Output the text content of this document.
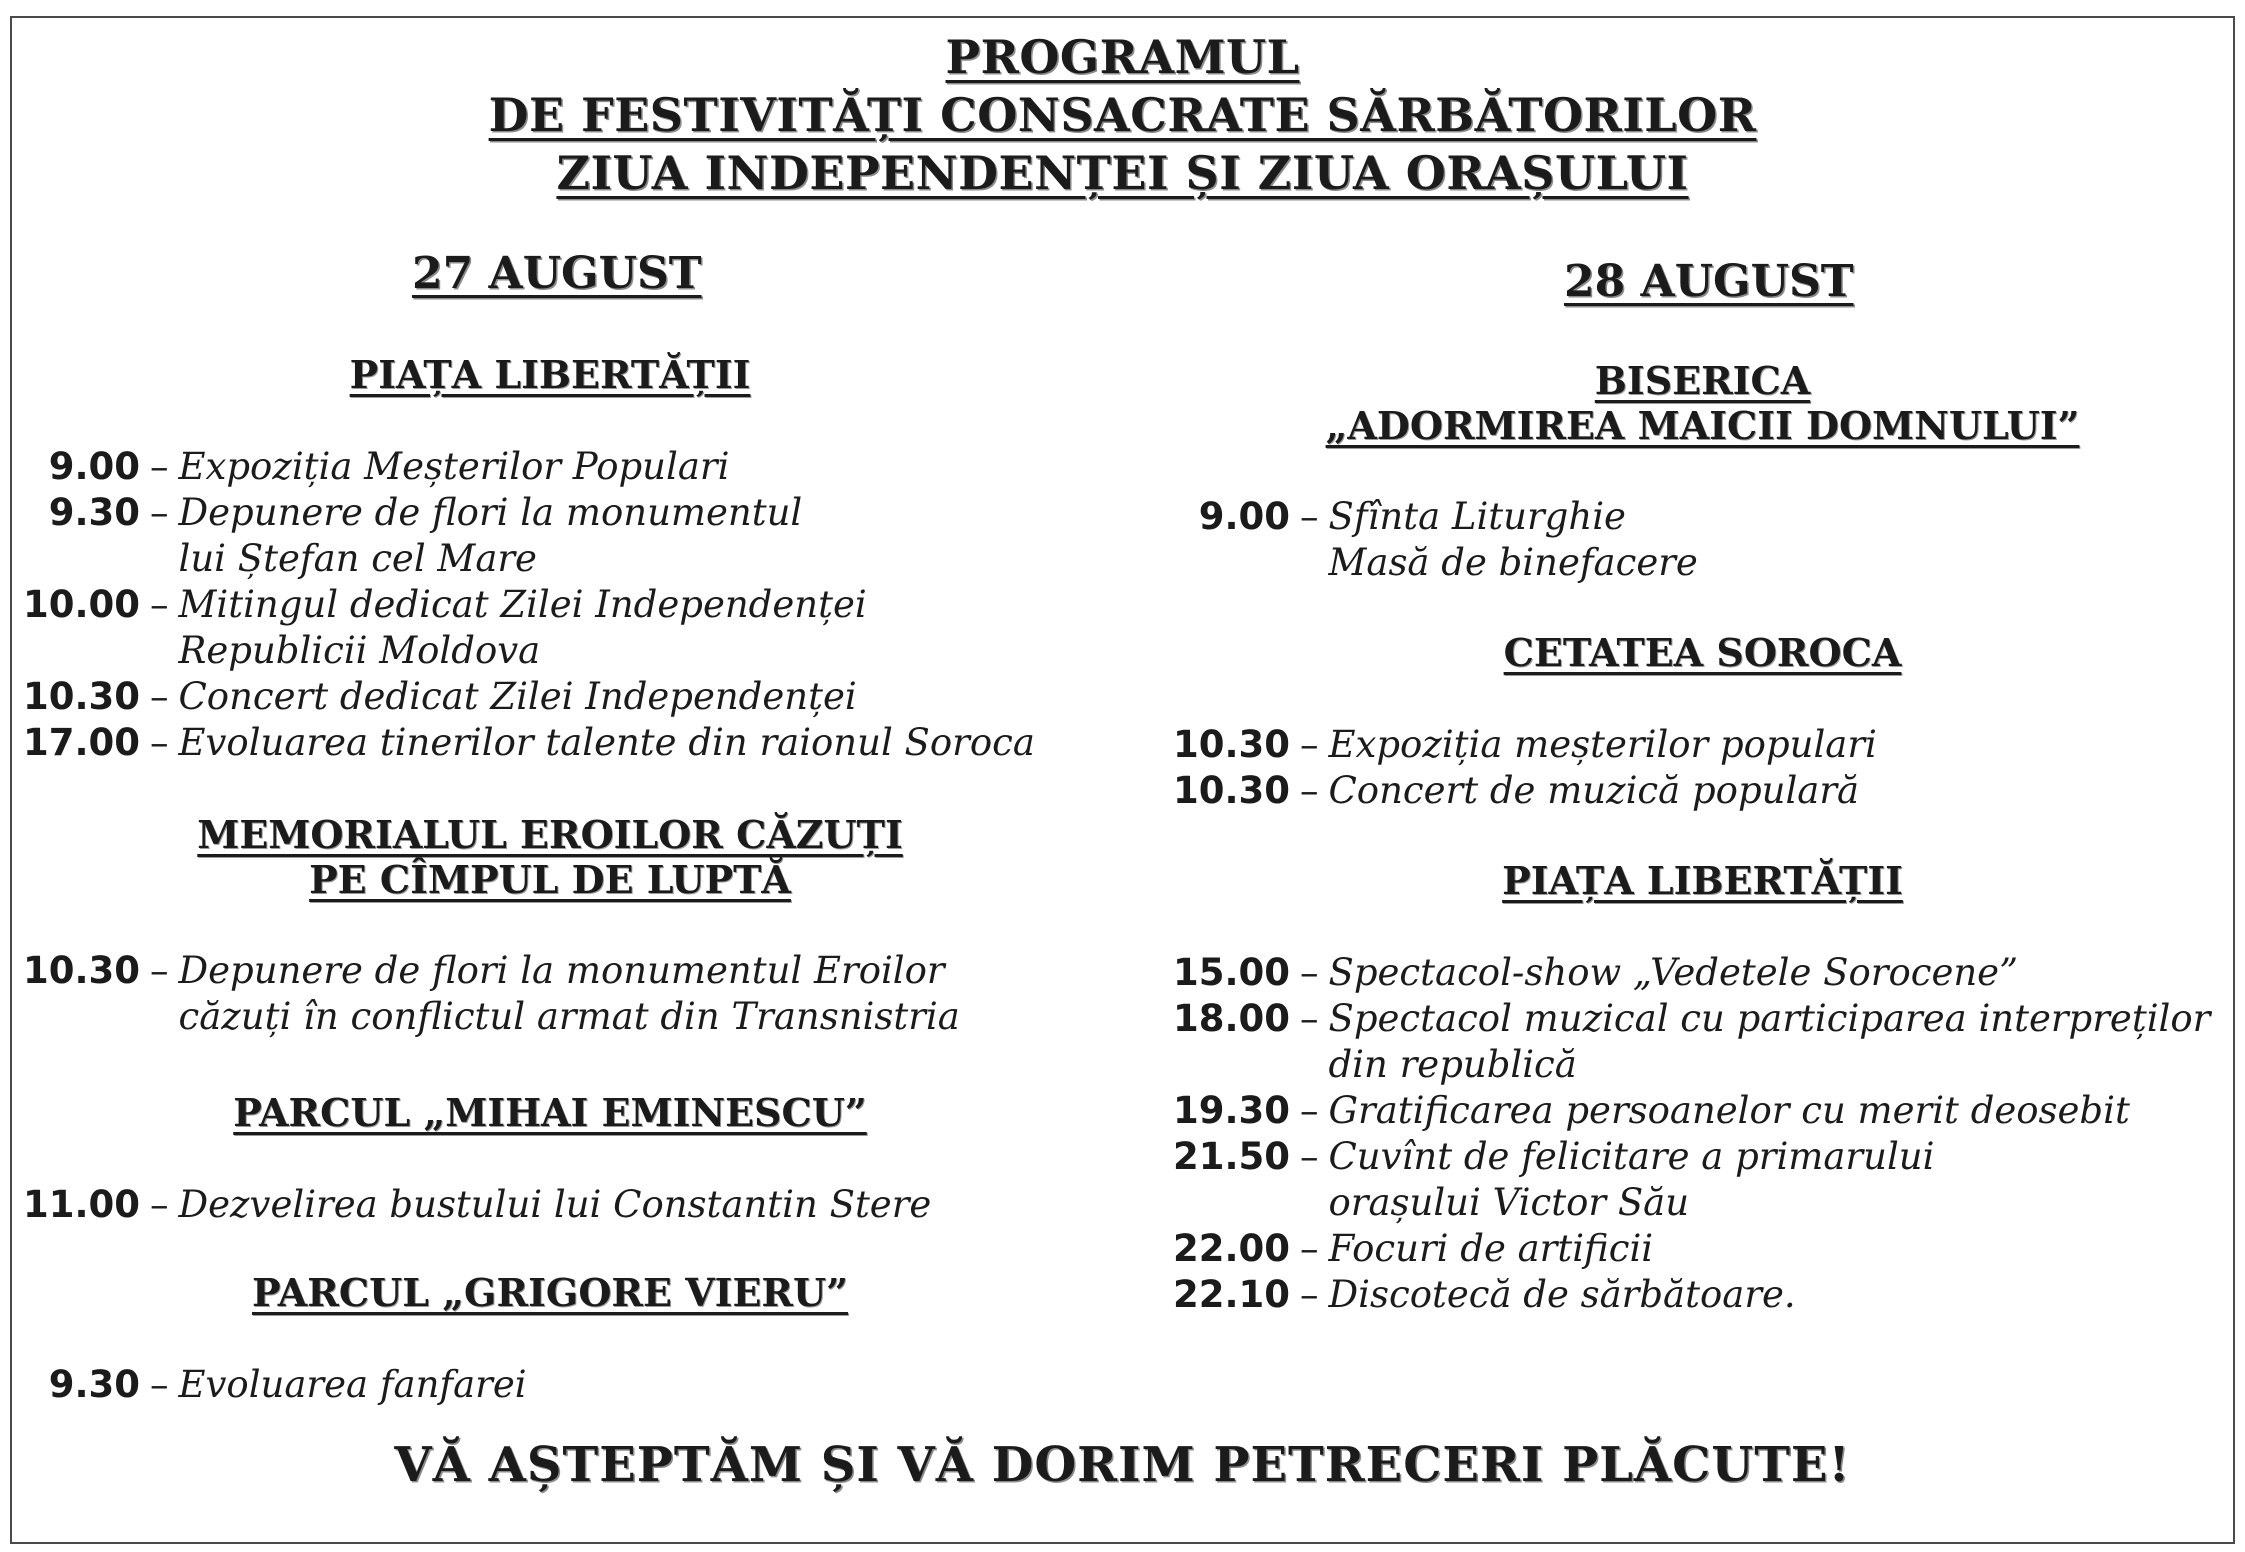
PROGRAMUL
DE FESTIVITĂȚI CONSACRATE SĂRBĂTORILOR
ZIUA INDEPENDENȚEI ȘI ZIUA ORAȘULUI
27 AUGUST
PIAȚA LIBERTĂȚII
9.00 – Expoziția Meșterilor Populari
9.30 – Depunere de flori la monumentul
lui Ștefan cel Mare
10.00 – Mitingul dedicat Zilei Independenței
Republicii Moldova
10.30 – Concert dedicat Zilei Independenței
17.00 – Evoluarea tinerilor talente din raionul Soroca
MEMORIALUL EROILOR CĂZUȚI
PE CÎMPUL DE LUPTĂ
10.30 – Depunere de flori la monumentul Eroilor
căzuți în conflictul armat din Transnistria
PARCUL „MIHAI EMINESCU”
11.00 – Dezvelirea bustului lui Constantin Stere
PARCUL „GRIGORE VIERU”
9.30 – Evoluarea fanfarei
28 AUGUST
BISERICA
„ADORMIREA MAICII DOMNULUI”
9.00 – Sfînta Liturghie
Masă de binefacere
CETATEA SOROCA
10.30 – Expoziția meșterilor populari
10.30 – Concert de muzică populară
PIAȚA LIBERTĂȚII
15.00 – Spectacol-show „Vedetele Sorocene”
18.00 – Spectacol muzical cu participarea interpreților
din republică
19.30 – Gratificarea persoanelor cu merit deosebit
21.50 – Cuvînt de felicitare a primarului
orașului Victor Său
22.00 – Focuri de artificii
22.10 – Discotecă de sărbătoare.
VĂ AȘTEPTĂM ȘI VĂ DORIM PETRECERI PLĂCUTE!
